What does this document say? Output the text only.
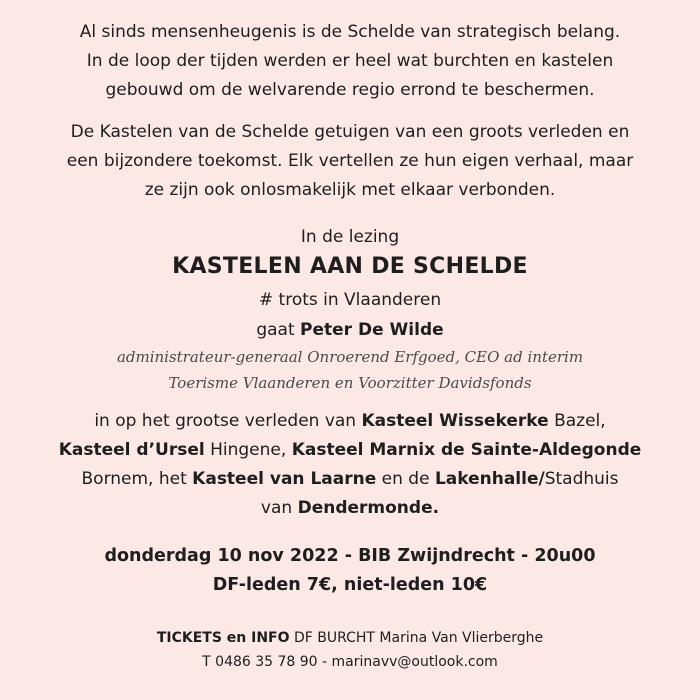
Al sinds mensenheugenis is de Schelde van strategisch belang.
In de loop der tijden werden er heel wat burchten en kastelen
gebouwd om de welvarende regio errond te beschermen.
De Kastelen van de Schelde getuigen van een groots verleden en
een bijzondere toekomst. Elk vertellen ze hun eigen verhaal, maar
ze zijn ook onlosmakelijk met elkaar verbonden.
In de lezing
KASTELEN AAN DE SCHELDE
# trots in Vlaanderen
gaat Peter De Wilde
administrateur-generaal Onroerend Erfgoed, CEO ad interim
Toerisme Vlaanderen en Voorzitter Davidsfonds
in op het grootse verleden van Kasteel Wissekerke Bazel,
Kasteel d’Ursel Hingene, Kasteel Marnix de Sainte-Aldegonde
Bornem, het Kasteel van Laarne en de Lakenhalle/Stadhuis
van Dendermonde.
donderdag 10 nov 2022 - BIB Zwijndrecht - 20u00
DF-leden 7€, niet-leden 10€
TICKETS en INFO DF BURCHT Marina Van Vlierberghe
T 0486 35 78 90 - marinavv@outlook.com
